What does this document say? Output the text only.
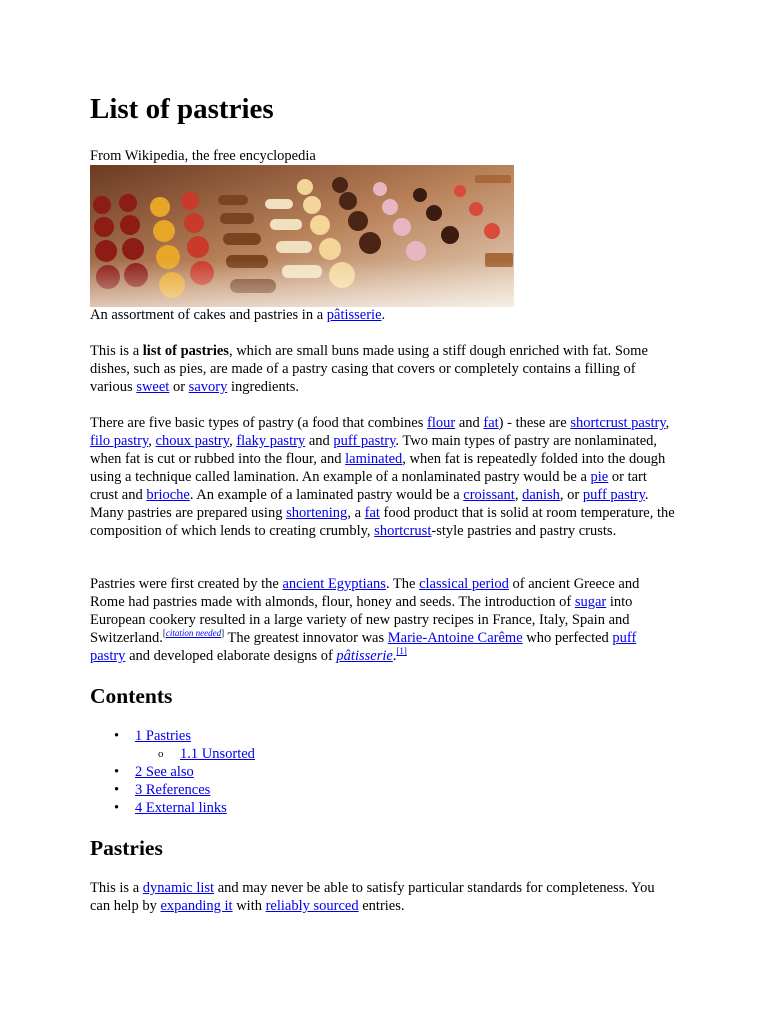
List of pastries
From Wikipedia, the free encyclopedia
An assortment of cakes and pastries in a pâtisserie.

This is a list of pastries, which are small buns made using a stiff dough enriched with fat. Some dishes, such as pies, are made of a pastry casing that covers or completely contains a filling of various sweet or savory ingredients.

There are five basic types of pastry (a food that combines flour and fat) - these are shortcrust pastry, filo pastry, choux pastry, flaky pastry and puff pastry. Two main types of pastry are nonlaminated, when fat is cut or rubbed into the flour, and laminated, when fat is repeatedly folded into the dough using a technique called lamination. An example of a nonlaminated pastry would be a pie or tart crust and brioche. An example of a laminated pastry would be a croissant, danish, or puff pastry. Many pastries are prepared using shortening, a fat food product that is solid at room temperature, the composition of which lends to creating crumbly, shortcrust-style pastries and pastry crusts.

Pastries were first created by the ancient Egyptians. The classical period of ancient Greece and Rome had pastries made with almonds, flour, honey and seeds. The introduction of sugar into European cookery resulted in a large variety of new pastry recipes in France, Italy, Spain and Switzerland.[citation needed] The greatest innovator was Marie-Antoine Carême who perfected puff pastry and developed elaborate designs of pâtisserie.[1]

Contents
• 1 Pastries
o 1.1 Unsorted
• 2 See also
• 3 References
• 4 External links
Pastries

This is a dynamic list and may never be able to satisfy particular standards for completeness. You can help by expanding it with reliably sourced entries.
